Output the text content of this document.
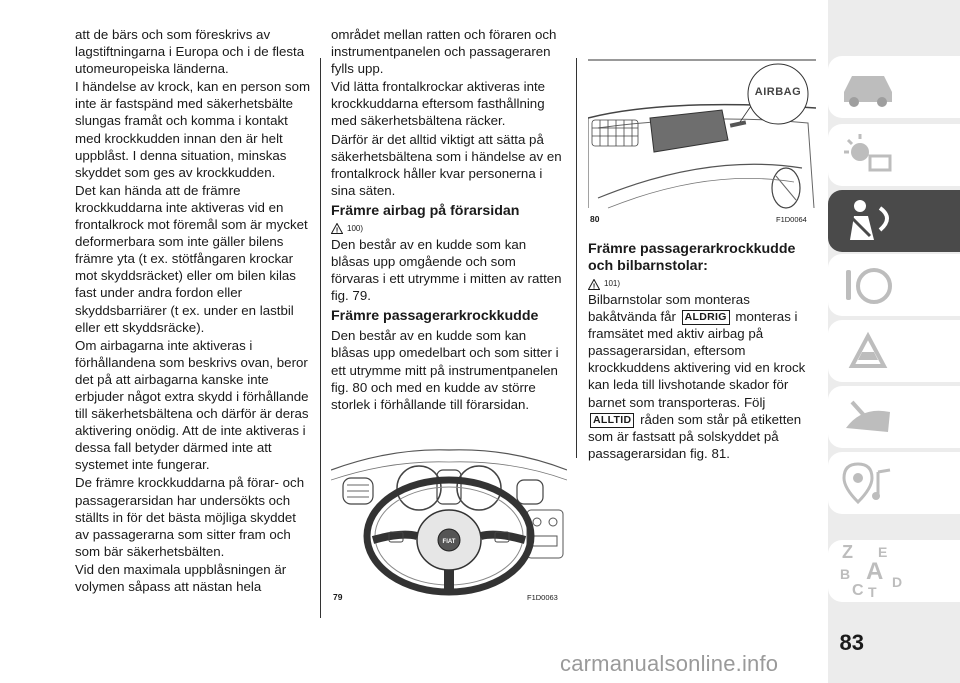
att de bärs och som föreskrivs av lagstiftningarna i Europa och i de flesta utomeuropeiska länderna.

I händelse av krock, kan en person som inte är fastspänd med säkerhetsbälte slungas framåt och komma i kontakt med krockkudden innan den är helt uppblåst. I denna situation, minskas skyddet som ges av krockkudden.

Det kan hända att de främre krockkuddarna inte aktiveras vid en frontalkrock mot föremål som är mycket deformerbara som inte gäller bilens främre yta (t ex. stötfångaren krockar mot skyddsräcket) eller om bilen kilas fast under andra fordon eller skyddsbarriärer (t ex. under en lastbil eller ett skyddsräcke).

Om airbagarna inte aktiveras i förhållandena som beskrivs ovan, beror det på att airbagarna kanske inte erbjuder något extra skydd i förhållande till säkerhetsbältena och därför är deras aktivering onödig. Att de inte aktiveras i dessa fall betyder därmed inte att systemet inte fungerar.

De främre krockkuddarna på förar- och passagerarsidan har undersökts och ställts in för det bästa möjliga skyddet av passagerarna som sitter fram och som bär säkerhetsbälten.

Vid den maximala uppblåsningen är volymen såpass att nästan hela

området mellan ratten och föraren och instrumentpanelen och passageraren fylls upp.

Vid lätta frontalkrockar aktiveras inte krockkuddarna eftersom fasthållning med säkerhetsbältena räcker.

Därför är det alltid viktigt att sätta på säkerhetsbältena som i händelse av en frontalkrock håller kvar personerna i sina säten.

Främre airbag på förarsidan
! 100)

Den består av en kudde som kan blåsas upp omgående och som förvaras i ett utrymme i mitten av ratten fig. 79.

Främre passagerarkrockkudde

Den består av en kudde som kan blåsas upp omedelbart och som sitter i ett utrymme mitt på instrumentpanelen fig. 80 och med en kudde av större storlek i förhållande till förarsidan.

FIAT
79	F1D0063
AIRBAG
80	F1D0064
Främre passagerarkrockkudde och bilbarnstolar:
! 101)

Bilbarnstolar som monteras bakåtvända får ALDRIG monteras i framsätet med aktiv airbag på passagerarsidan, eftersom krockkuddens aktivering vid en krock kan leda till livshotande skador för barnet som transporteras. Följ ALLTID råden som står på etiketten som är fastsatt på solskyddet på passagerarsidan fig. 81.

Z E
B A
C T
D
83
carmanualsonline.info
